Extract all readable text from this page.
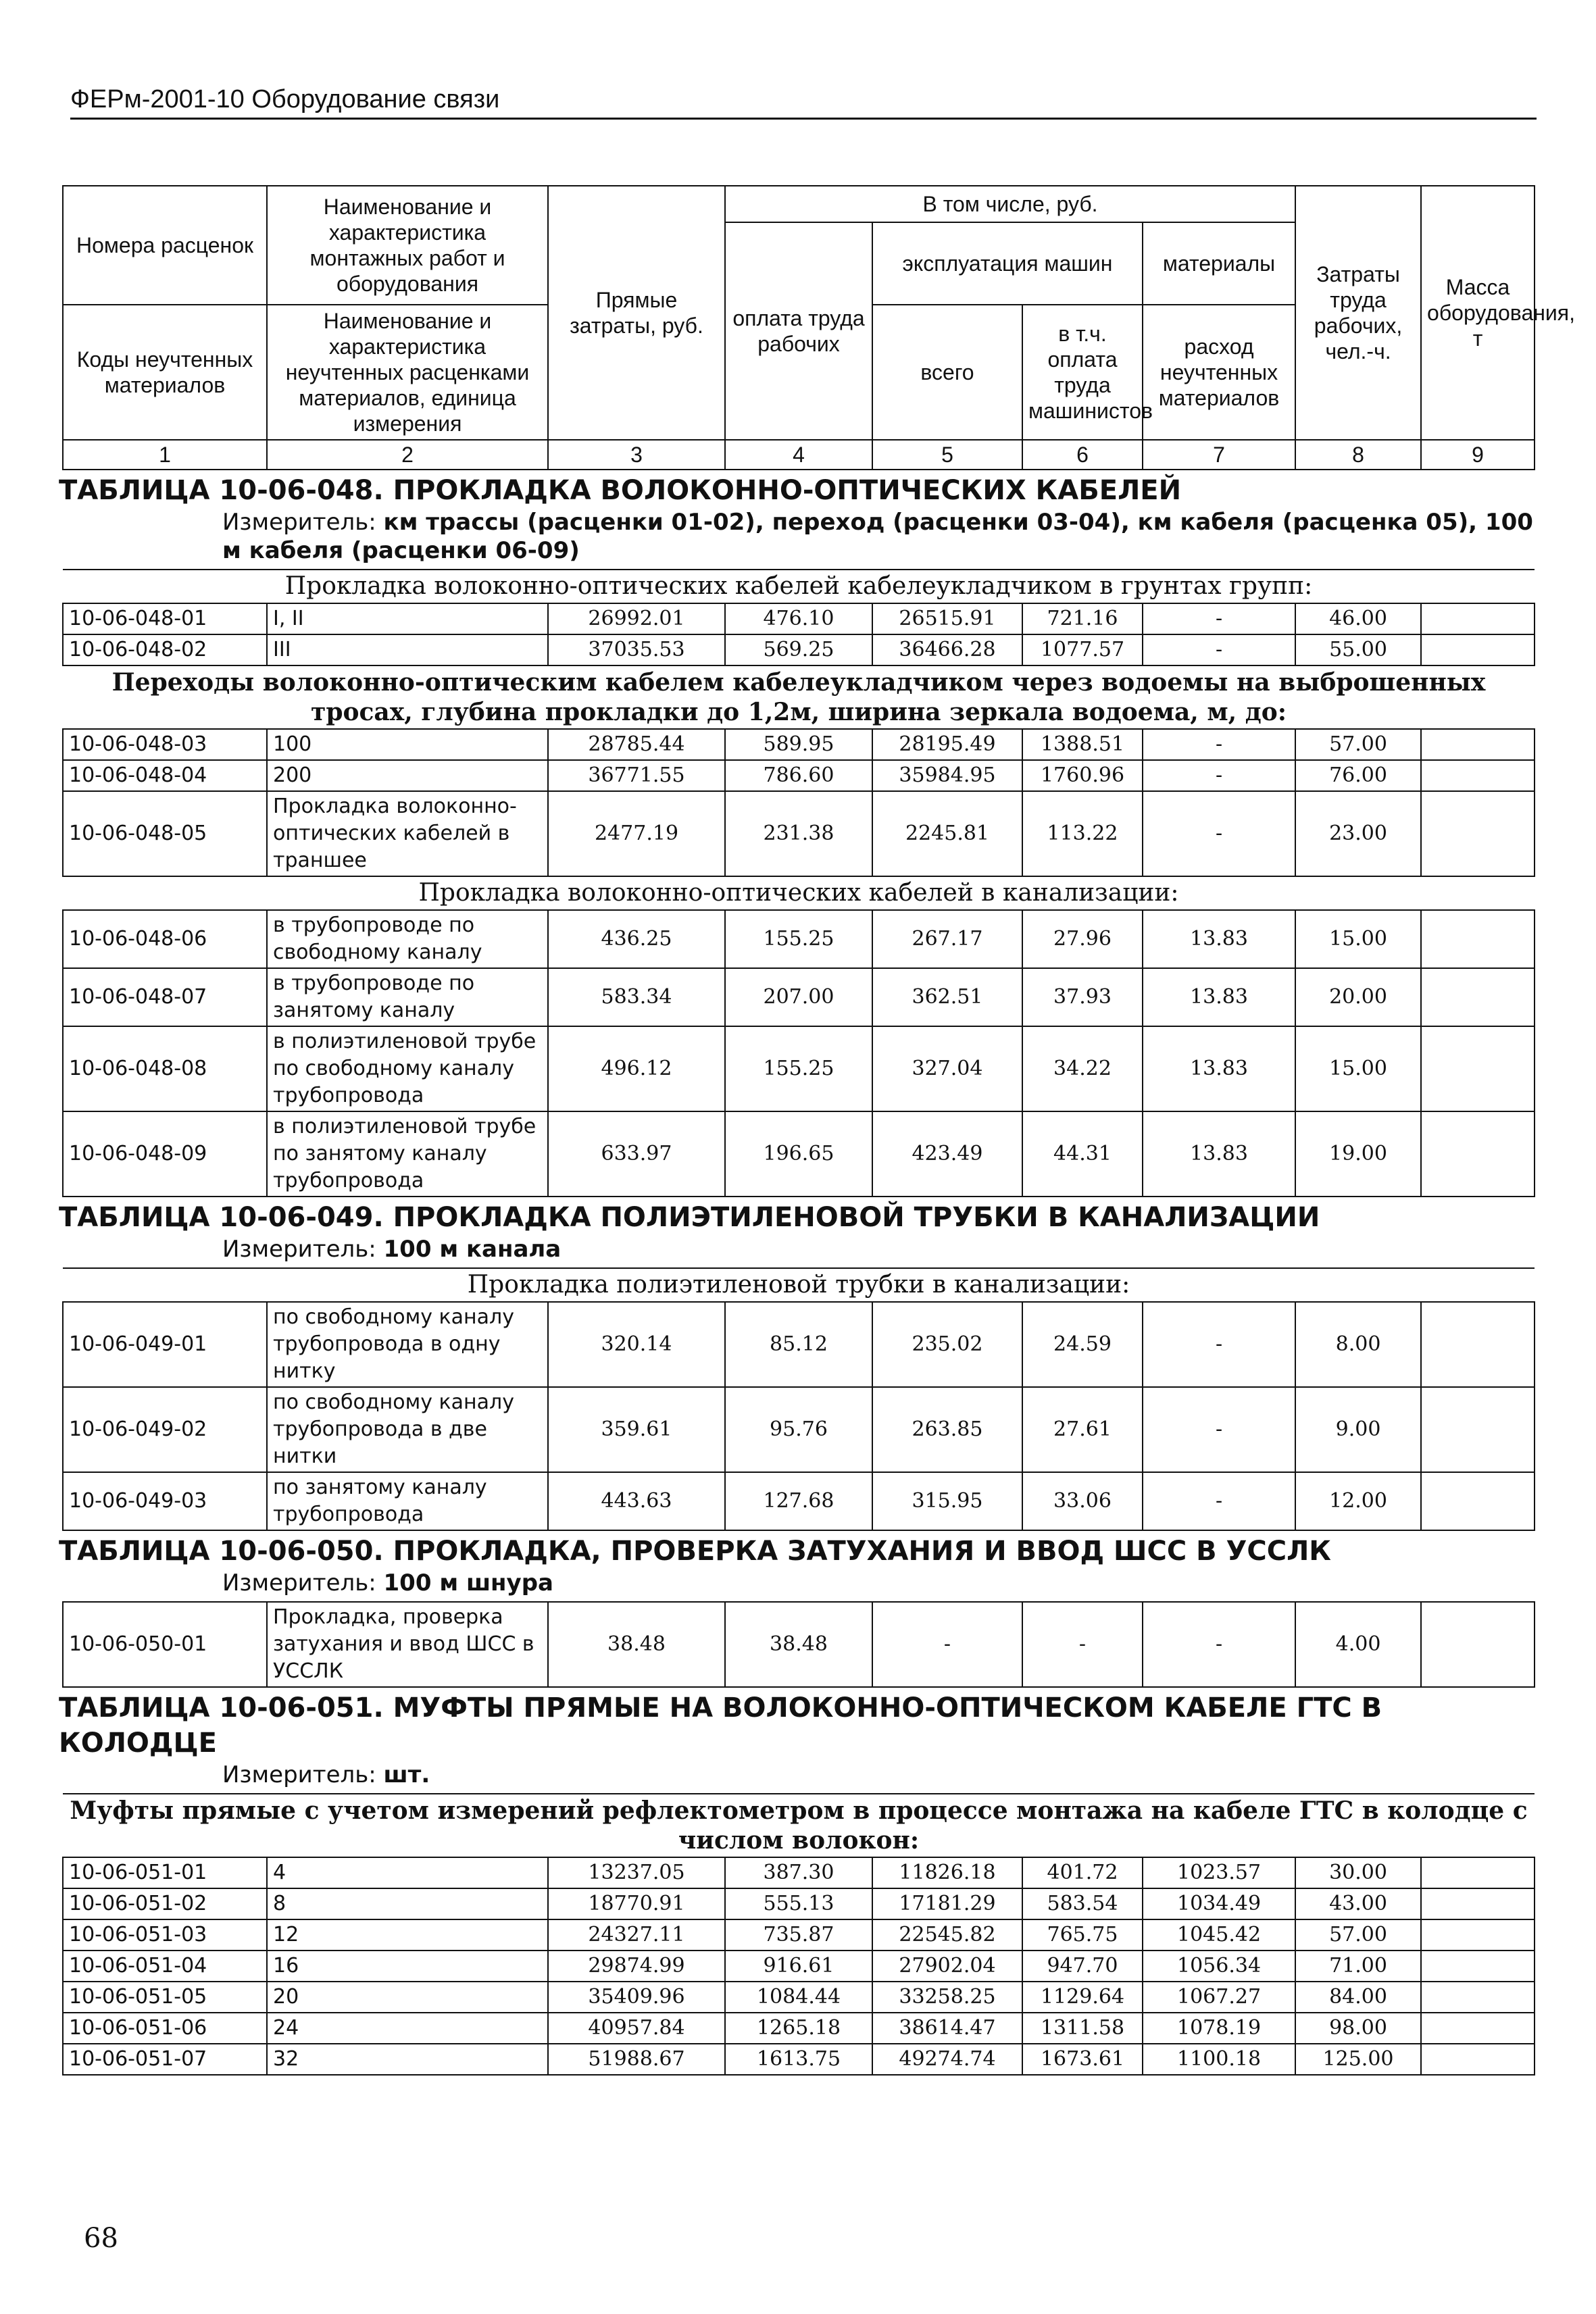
ФЕРм-2001-10 Оборудование связи
Номера расценок	Наименование и характеристика монтажных работ и оборудования	Прямые затраты, руб.	В том числе, руб.				Затраты труда рабочих, чел.-ч.	Масса оборудования, т
			оплата труда рабочих	эксплуатация машин		материалы		
Коды неучтенных материалов	Наименование и характеристика неучтенных расценками материалов, единица измерения			всего	в т.ч. оплата труда машинистов	расход неучтенных материалов		

1	2	3	4	5	6	7	8	9

ТАБЛИЦА 10-06-048. ПРОКЛАДКА ВОЛОКОННО-ОПТИЧЕСКИХ КАБЕЛЕЙ
Измеритель: км трассы (расценки 01-02), переход (расценки 03-04), км кабеля (расценка 05), 100 м кабеля (расценки 06-09)								

Прокладка волоконно-оптических кабелей кабелеукладчиком в грунтах групп:								
10-06-048-01	I, II	26992.01	476.10	26515.91	721.16	-	46.00	
10-06-048-02	III	37035.53	569.25	36466.28	1077.57	-	55.00	
Переходы волоконно-оптическим кабелем кабелеукладчиком через водоемы на выброшенных тросах, глубина прокладки до 1,2м, ширина зеркала водоема, м, до:								
10-06-048-03	100	28785.44	589.95	28195.49	1388.51	-	57.00	
10-06-048-04	200	36771.55	786.60	35984.95	1760.96	-	76.00	
10-06-048-05	Прокладка волоконно-оптических кабелей в траншее	2477.19	231.38	2245.81	113.22	-	23.00	
Прокладка волоконно-оптических кабелей в канализации:								
10-06-048-06	в трубопроводе по свободному каналу	436.25	155.25	267.17	27.96	13.83	15.00	
10-06-048-07	в трубопроводе по занятому каналу	583.34	207.00	362.51	37.93	13.83	20.00	
10-06-048-08	в полиэтиленовой трубе по свободному каналу трубопровода	496.12	155.25	327.04	34.22	13.83	15.00	
10-06-048-09	в полиэтиленовой трубе по занятому каналу трубопровода	633.97	196.65	423.49	44.31	13.83	19.00	

ТАБЛИЦА 10-06-049. ПРОКЛАДКА ПОЛИЭТИЛЕНОВОЙ ТРУБКИ В КАНАЛИЗАЦИИ
Измеритель: 100 м канала								

Прокладка полиэтиленовой трубки в канализации:								
10-06-049-01	по свободному каналу трубопровода в одну нитку	320.14	85.12	235.02	24.59	-	8.00	
10-06-049-02	по свободному каналу трубопровода в две нитки	359.61	95.76	263.85	27.61	-	9.00	
10-06-049-03	по занятому каналу трубопровода	443.63	127.68	315.95	33.06	-	12.00	

ТАБЛИЦА 10-06-050. ПРОКЛАДКА, ПРОВЕРКА ЗАТУХАНИЯ И ВВОД ШСС В УССЛК
Измеритель: 100 м шнура								

10-06-050-01	Прокладка, проверка затухания и ввод ШСС в УССЛК	38.48	38.48	-	-	-	4.00	

ТАБЛИЦА 10-06-051. МУФТЫ ПРЯМЫЕ НА ВОЛОКОННО-ОПТИЧЕСКОМ КАБЕЛЕ ГТС В КОЛОДЦЕ
Измеритель: шт.								

Муфты прямые с учетом измерений рефлектометром в процессе монтажа на кабеле ГТС в колодце с числом волокон:								
10-06-051-01	4	13237.05	387.30	11826.18	401.72	1023.57	30.00	
10-06-051-02	8	18770.91	555.13	17181.29	583.54	1034.49	43.00	
10-06-051-03	12	24327.11	735.87	22545.82	765.75	1045.42	57.00	
10-06-051-04	16	29874.99	916.61	27902.04	947.70	1056.34	71.00	
10-06-051-05	20	35409.96	1084.44	33258.25	1129.64	1067.27	84.00	
10-06-051-06	24	40957.84	1265.18	38614.47	1311.58	1078.19	98.00	
10-06-051-07	32	51988.67	1613.75	49274.74	1673.61	1100.18	125.00	
68
